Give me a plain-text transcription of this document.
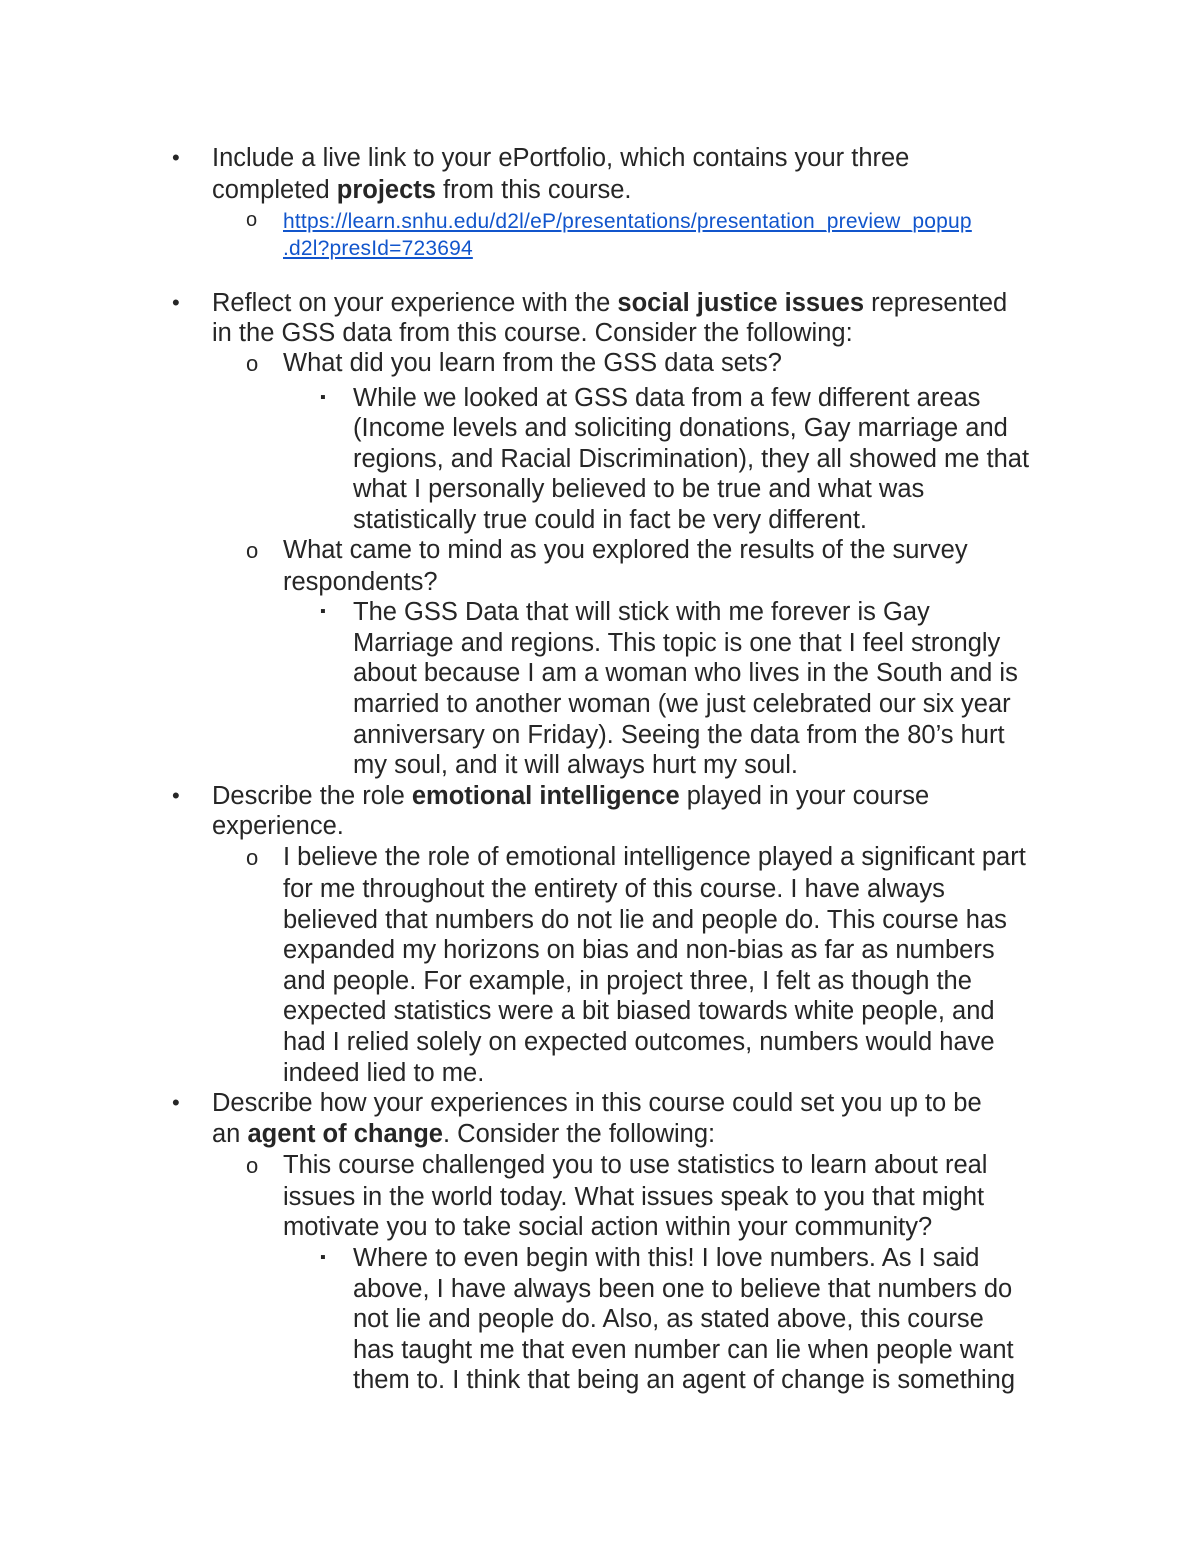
• Include a live link to your ePortfolio, which contains your three
completed projects from this course.
o https://learn.snhu.edu/d2l/eP/presentations/presentation_preview_popup
.d2l?presId=723694
• Reflect on your experience with the social justice issues represented
in the GSS data from this course. Consider the following:
o What did you learn from the GSS data sets?
▪ While we looked at GSS data from a few different areas
(Income levels and soliciting donations, Gay marriage and
regions, and Racial Discrimination), they all showed me that
what I personally believed to be true and what was
statistically true could in fact be very different.
o What came to mind as you explored the results of the survey
respondents?
▪ The GSS Data that will stick with me forever is Gay
Marriage and regions. This topic is one that I feel strongly
about because I am a woman who lives in the South and is
married to another woman (we just celebrated our six year
anniversary on Friday). Seeing the data from the 80’s hurt
my soul, and it will always hurt my soul.
• Describe the role emotional intelligence played in your course
experience.
o I believe the role of emotional intelligence played a significant part
for me throughout the entirety of this course. I have always
believed that numbers do not lie and people do. This course has
expanded my horizons on bias and non-bias as far as numbers
and people. For example, in project three, I felt as though the
expected statistics were a bit biased towards white people, and
had I relied solely on expected outcomes, numbers would have
indeed lied to me.
• Describe how your experiences in this course could set you up to be
an agent of change. Consider the following:
o This course challenged you to use statistics to learn about real
issues in the world today. What issues speak to you that might
motivate you to take social action within your community?
▪ Where to even begin with this! I love numbers. As I said
above, I have always been one to believe that numbers do
not lie and people do. Also, as stated above, this course
has taught me that even number can lie when people want
them to. I think that being an agent of change is something
